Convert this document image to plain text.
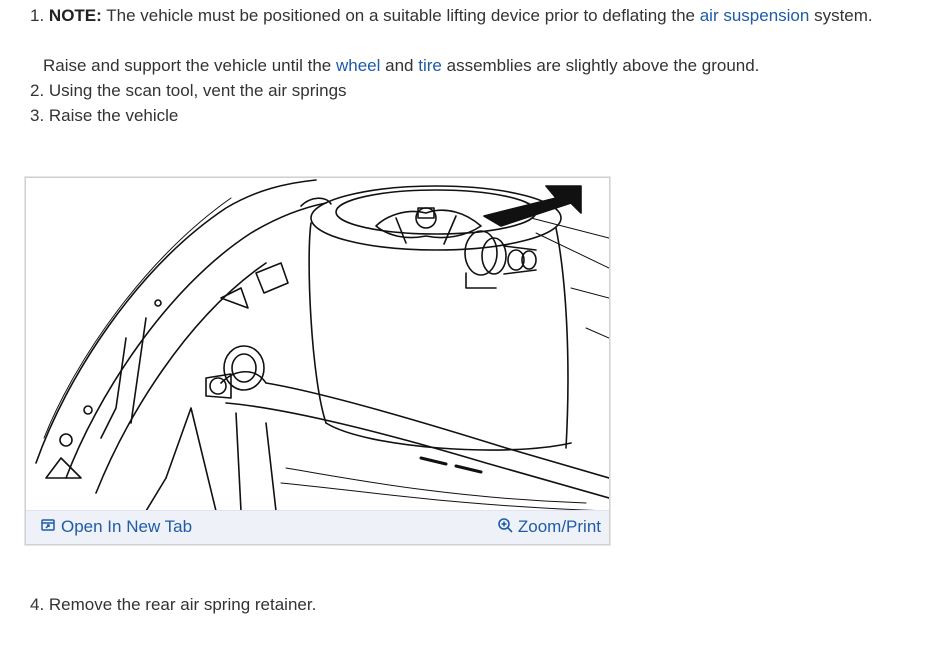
1. NOTE: The vehicle must be positioned on a suitable lifting device prior to deflating the air suspension system.
Raise and support the vehicle until the wheel and tire assemblies are slightly above the ground.
2. Using the scan tool, vent the air springs
3. Raise the vehicle
Open In New Tab	Zoom/Print
4. Remove the rear air spring retainer.
